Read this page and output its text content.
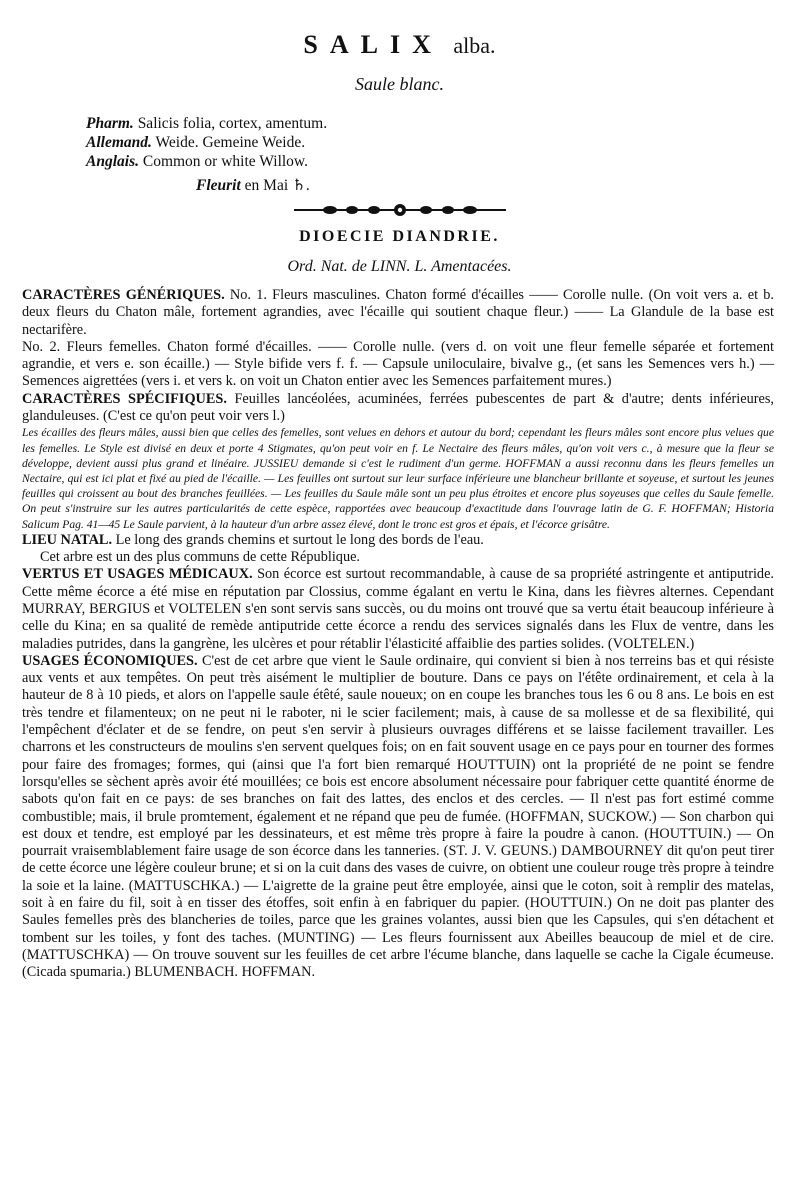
SALIX alba.
Saule blanc.
Pharm. Salicis folia, cortex, amentum.
Allemand. Weide. Gemeine Weide.
Anglais. Common or white Willow.
Fleurit en Mai ♄.
DIOECIE DIANDRIE.
Ord. Nat. de LINN. L. Amentacées.

CARACTÈRES GÉNÉRIQUES. No. 1. Fleurs masculines. Chaton formé d'écailles —— Corolle nulle. (On voit vers a. et b. deux fleurs du Chaton mâle, fortement agrandies, avec l'écaille qui soutient chaque fleur.) —— La Glandule de la base est nectarifère.

No. 2. Fleurs femelles. Chaton formé d'écailles. —— Corolle nulle. (vers d. on voit une fleur femelle séparée et fortement agrandie, et vers e. son écaille.) — Style bifide vers f. f. — Capsule uniloculaire, bivalve g., (et sans les Semences vers h.) — Semences aigrettées (vers i. et vers k. on voit un Chaton entier avec les Semences parfaitement mures.)

CARACTÈRES SPÉCIFIQUES. Feuilles lancéolées, acuminées, ferrées pubescentes de part & d'autre; dents inférieures, glanduleuses. (C'est ce qu'on peut voir vers l.)

Les écailles des fleurs mâles, aussi bien que celles des femelles, sont velues en dehors et autour du bord; cependant les fleurs mâles sont encore plus velues que les femelles. Le Style est divisé en deux et porte 4 Stigmates, qu'on peut voir en f. Le Nectaire des fleurs mâles, qu'on voit vers c., à mesure que la fleur se développe, devient aussi plus grand et linéaire. JUSSIEU demande si c'est le rudiment d'un germe. HOFFMAN a aussi reconnu dans les fleurs femelles un Nectaire, qui est ici plat et fixé au pied de l'écaille. — Les feuilles ont surtout sur leur surface inférieure une blancheur brillante et soyeuse, et surtout les jeunes feuilles qui croissent au bout des branches feuillées. — Les feuilles du Saule mâle sont un peu plus étroites et encore plus soyeuses que celles du Saule femelle. On peut s'instruire sur les autres particularités de cette espèce, rapportées avec beaucoup d'exactitude dans l'ouvrage latin de G. F. HOFFMAN; Historia Salicum Pag. 41—45 Le Saule parvient, à la hauteur d'un arbre assez élevé, dont le tronc est gros et épais, et l'écorce grisâtre.

LIEU NATAL. Le long des grands chemins et surtout le long des bords de l'eau.

Cet arbre est un des plus communs de cette République.

VERTUS ET USAGES MÉDICAUX. Son écorce est surtout recommandable, à cause de sa propriété astringente et antiputride. Cette même écorce a été mise en réputation par Clossius, comme égalant en vertu le Kina, dans les fièvres alternes. Cependant MURRAY, BERGIUS et VOLTELEN s'en sont servis sans succès, ou du moins ont trouvé que sa vertu était beaucoup inférieure à celle du Kina; en sa qualité de remède antiputride cette écorce a rendu des services signalés dans les Flux de ventre, dans les maladies putrides, dans la gangrène, les ulcères et pour rétablir l'élasticité affaiblie des parties solides. (VOLTELEN.)

USAGES ÉCONOMIQUES. C'est de cet arbre que vient le Saule ordinaire, qui convient si bien à nos terreins bas et qui résiste aux vents et aux tempêtes. On peut très aisément le multiplier de bouture. Dans ce pays on l'étête ordinairement, et cela à la hauteur de 8 à 10 pieds, et alors on l'appelle saule étêté, saule noueux; on en coupe les branches tous les 6 ou 8 ans. Le bois en est très tendre et filamenteux; on ne peut ni le raboter, ni le scier facilement; mais, à cause de sa mollesse et de sa flexibilité, qui l'empêchent d'éclater et de se fendre, on peut s'en servir à plusieurs ouvrages différens et se laisse facilement travailler. Les charrons et les constructeurs de moulins s'en servent quelques fois; on en fait souvent usage en ce pays pour en tourner des formes pour faire des fromages; formes, qui (ainsi que l'a fort bien remarqué HOUTTUIN) ont la propriété de ne point se fendre lorsqu'elles se sèchent après avoir été mouillées; ce bois est encore absolument nécessaire pour fabriquer cette quantité énorme de sabots qu'on fait en ce pays: de ses branches on fait des lattes, des enclos et des cercles. — Il n'est pas fort estimé comme combustible; mais, il brule promtement, également et ne répand que peu de fumée. (HOFFMAN, SUCKOW.) — Son charbon qui est doux et tendre, est employé par les dessinateurs, et est même très propre à faire la poudre à canon. (HOUTTUIN.) — On pourrait vraisemblablement faire usage de son écorce dans les tanneries. (ST. J. V. GEUNS.) DAMBOURNEY dit qu'on peut tirer de cette écorce une légère couleur brune; et si on la cuit dans des vases de cuivre, on obtient une couleur rouge très propre à teindre la soie et la laine. (MATTUSCHKA.) — L'aigrette de la graine peut être employée, ainsi que le coton, soit à remplir des matelas, soit à en faire du fil, soit à en tisser des étoffes, soit enfin à en fabriquer du papier. (HOUTTUIN.) On ne doit pas planter des Saules femelles près des blancheries de toiles, parce que les graines volantes, aussi bien que les Capsules, qui s'en détachent et tombent sur les toiles, y font des taches. (MUNTING) — Les fleurs fournissent aux Abeilles beaucoup de miel et de cire. (MATTUSCHKA) — On trouve souvent sur les feuilles de cet arbre l'écume blanche, dans laquelle se cache la Cigale écumeuse. (Cicada spumaria.) BLUMENBACH. HOFFMAN.
